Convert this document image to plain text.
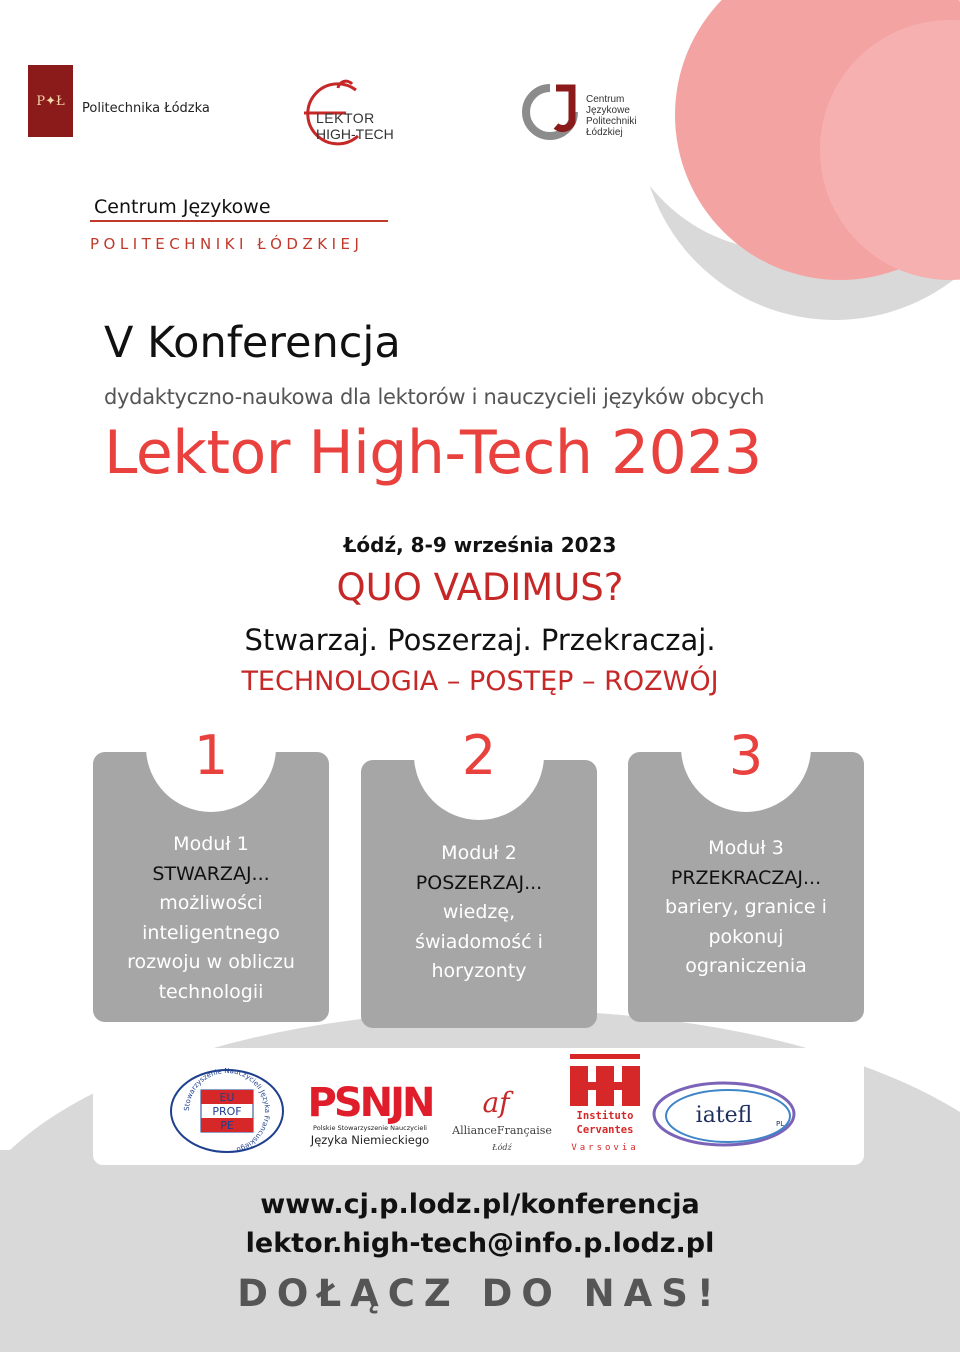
P✦Ł Politechnika Łódzka
LEKTOR
HIGH-TECH
Centrum
Językowe
Politechniki
Łódzkiej
Centrum Językowe
POLITECHNIKI ŁÓDZKIEJ
V Konferencja
dydaktyczno-naukowa dla lektorów i nauczycieli języków obcych
Lektor High-Tech 2023
Łódź, 8-9 września 2023
QUO VADIMUS?
Stwarzaj. Poszerzaj. Przekraczaj.
TECHNOLOGIA – POSTĘP – ROZWÓJ
Moduł 1
STWARZAJ...
możliwości
inteligentnego
rozwoju w obliczu
technologii
1
Moduł 2
POSZERZAJ...
wiedzę,
świadomość i
horyzonty
2
Moduł 3
PRZEKRACZAJ...
bariery, granice i
pokonuj
ograniczenia
3
Stowarzyszenie Nauczycieli Języka Francuskiego
EU
PROF
PE PSNJN
Polskie Stowarzyszenie Nauczycieli
Języka Niemieckiego
af
AllianceFrançaise
Łódź
Instituto
Cervantes
Varsovia
iatefl	PL
www.cj.p.lodz.pl/konferencja
lektor.high-tech@info.p.lodz.pl
DOŁĄCZ DO NAS!
